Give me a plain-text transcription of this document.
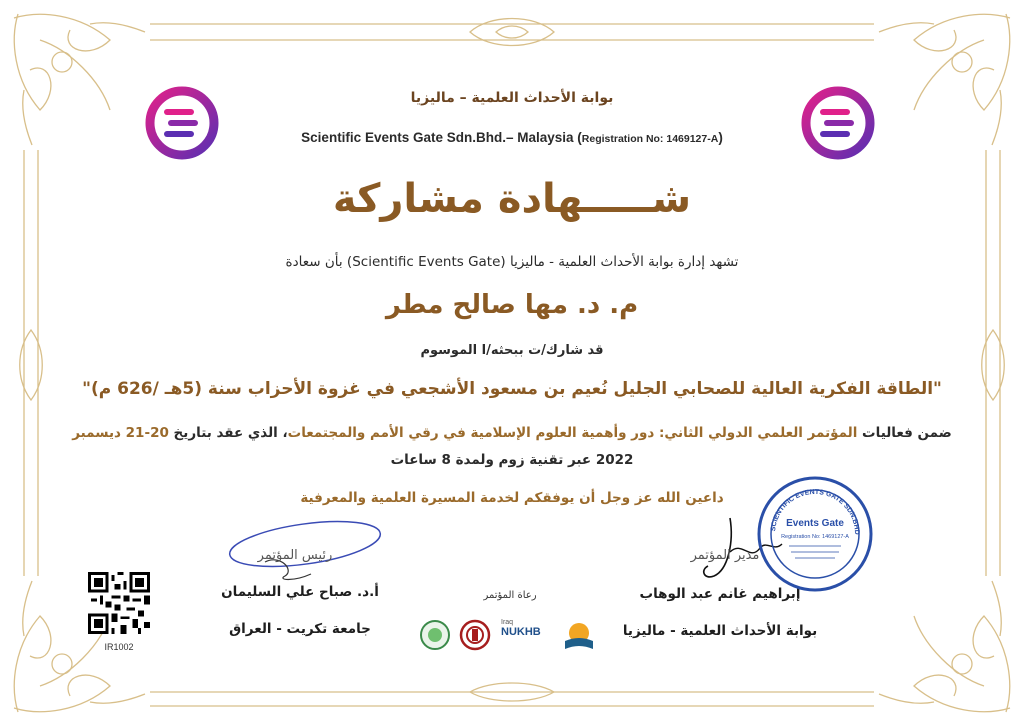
بوابة الأحداث العلمية – ماليزيا
Scientific Events Gate Sdn.Bhd.– Malaysia (Registration No: 1469127-A)
شـــــهادة مشاركة
تشهد إدارة بوابة الأحداث العلمية - ماليزيا (Scientific Events Gate) بأن سعادة
م. د. مها صالح مطر
قد شارك/ت ببحثه/ا الموسوم
"الطاقة الفكرية العالية للصحابي الجليل نُعيم بن مسعود الأشجعي في غزوة الأحزاب سنة (5هـ /626 م)"
ضمن فعاليات المؤتمر العلمي الدولي الثاني: دور وأهمية العلوم الإسلامية في رقي الأمم والمجتمعات، الذي عقد بتاريخ 20-21 ديسمبر
2022 عبر تقنية زوم ولمدة 8 ساعات
داعين الله عز وجل أن يوفقكم لخدمة المسيرة العلمية والمعرفية
رئيس المؤتمر
أ.د. صباح علي السليمان
جامعة تكريت - العراق
مدير المؤتمر
إبراهيم غانم عبد الوهاب
بوابة الأحداث العلمية - ماليزيا
SCIENTIFIC EVENTS GATE SDN.BHD
Events Gate
Registration No: 1469127-A
رعاة المؤتمر
Iraq
NUKHB
IR1002
